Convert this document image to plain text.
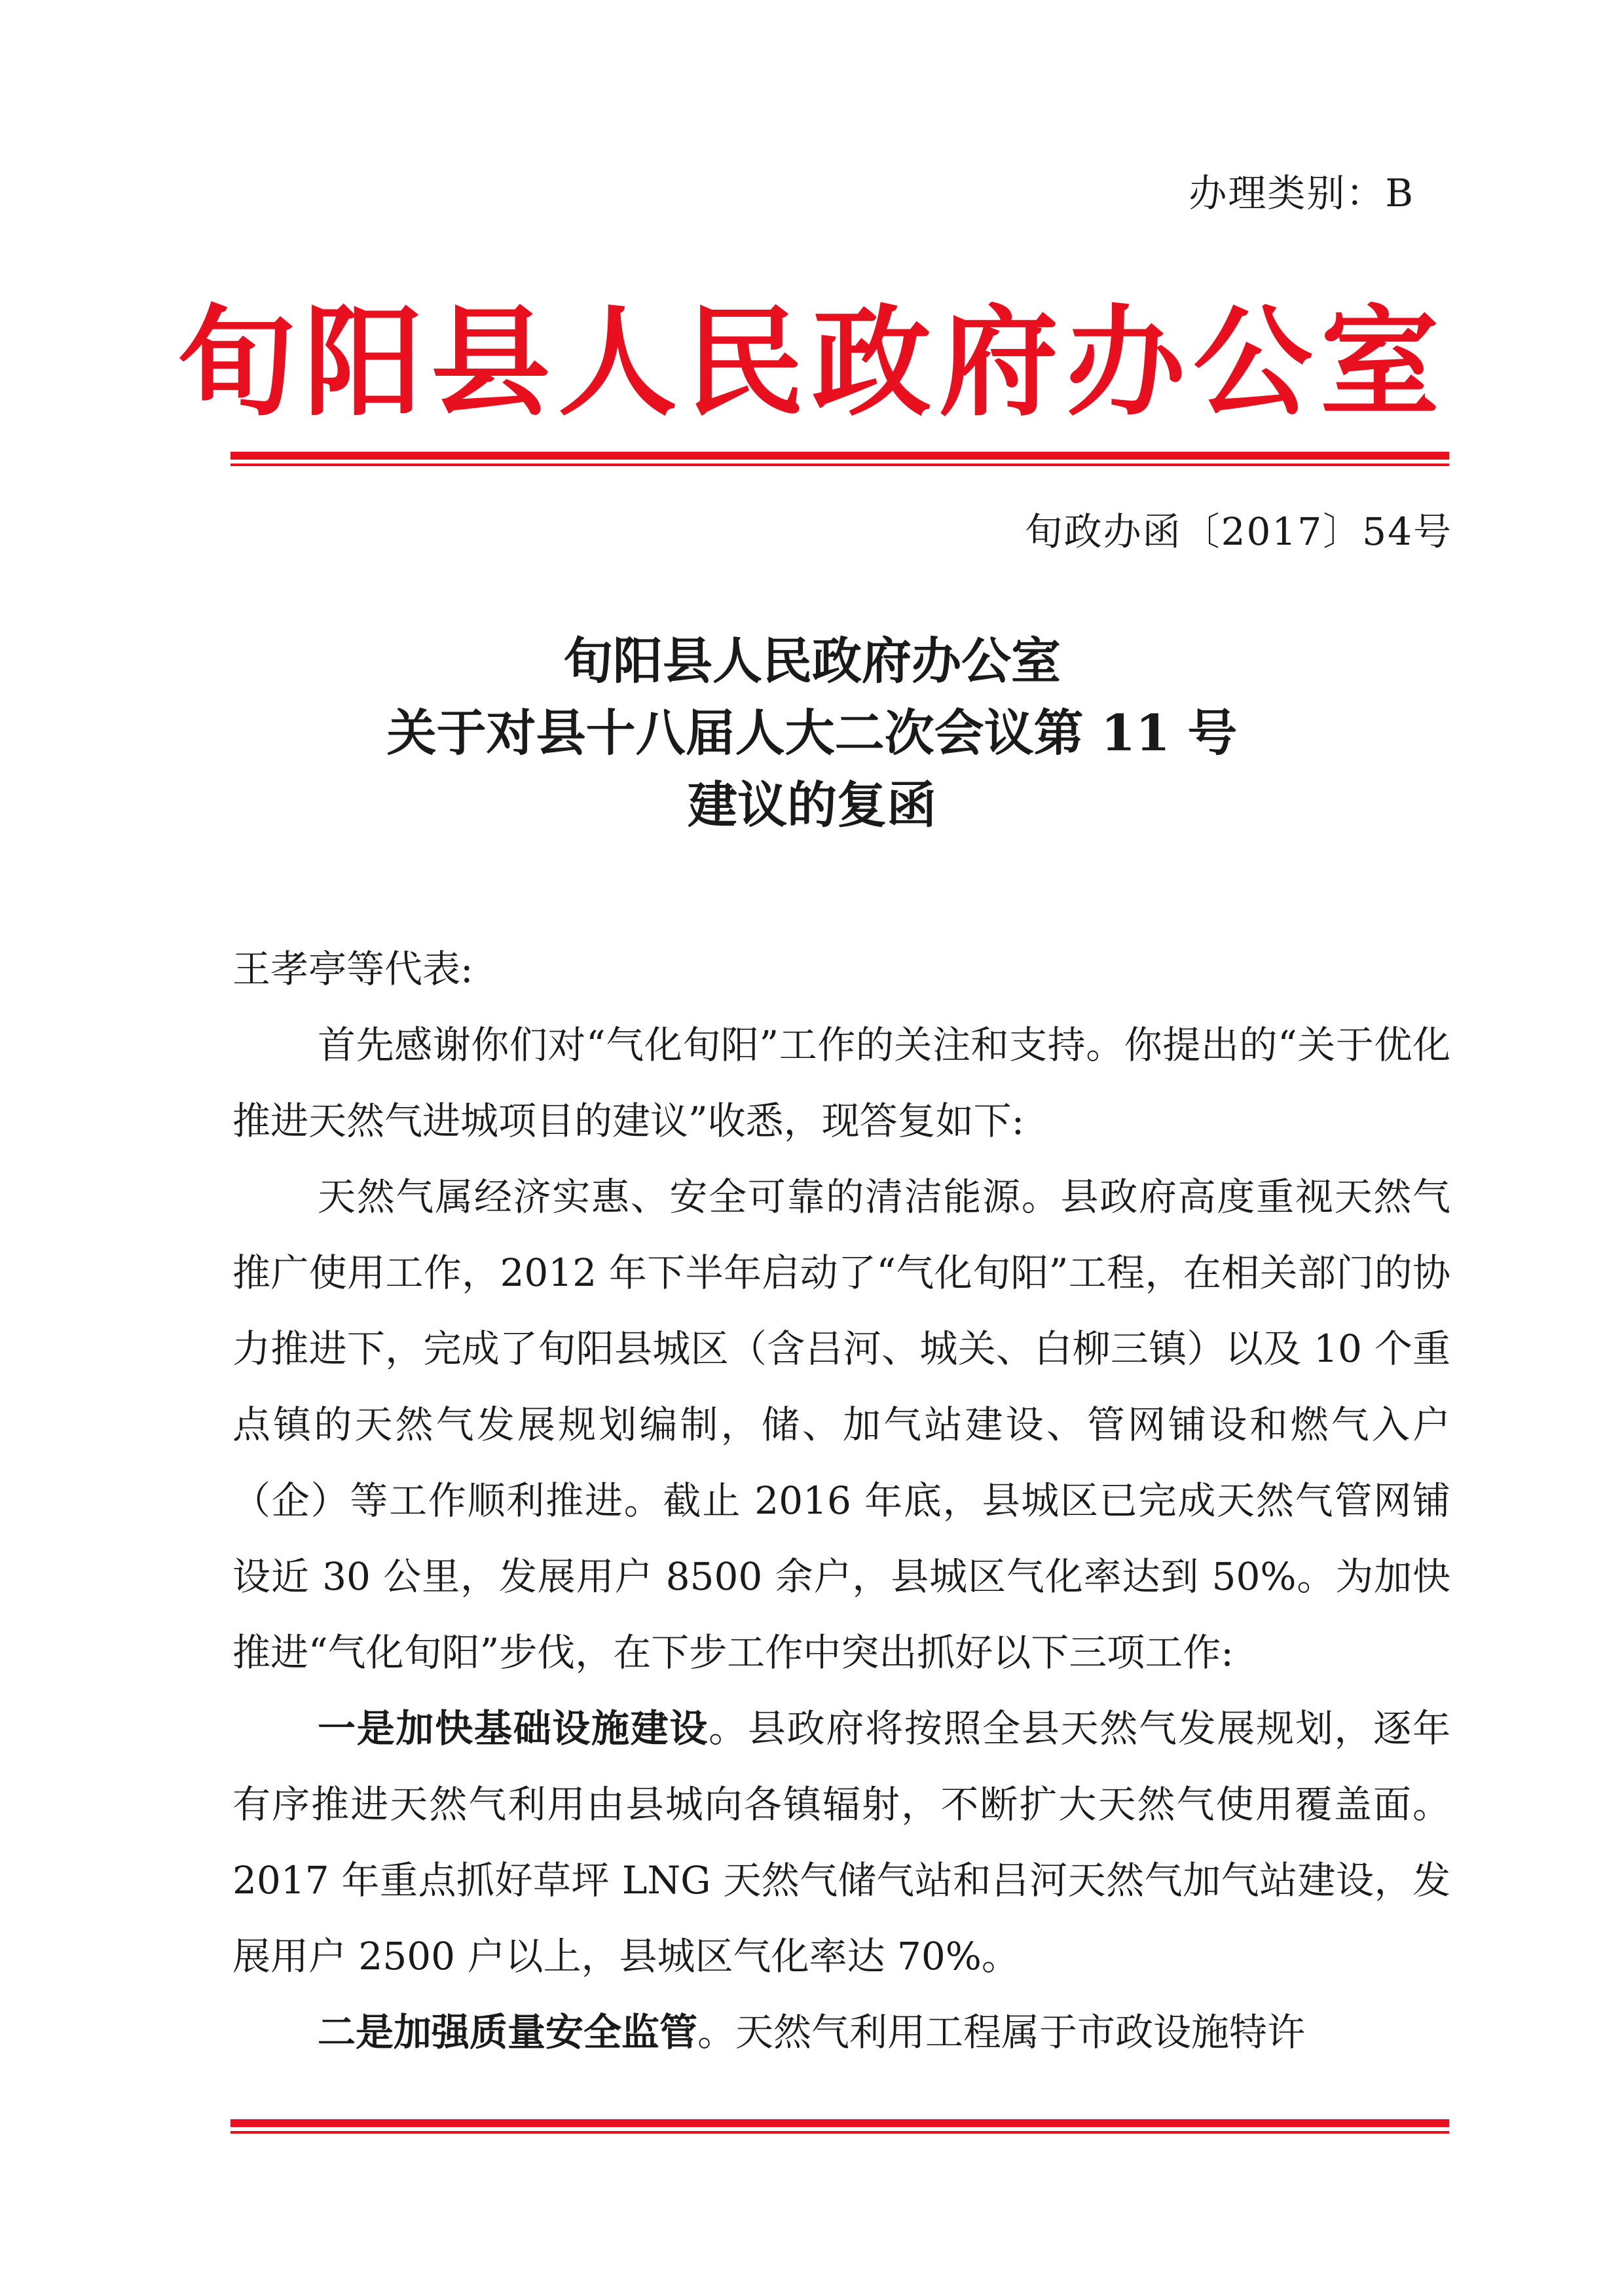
办理类别：B
旬阳县人民政府办公室
旬政办函〔2017〕54号
旬阳县人民政府办公室
关于对县十八届人大二次会议第 11 号
建议的复函

王孝亭等代表:

首先感谢你们对“气化旬阳”工作的关注和支持。你提出的“关于优化推进天然气进城项目的建议”收悉，现答复如下:

天然气属经济实惠、安全可靠的清洁能源。县政府高度重视天然气推广使用工作，2012 年下半年启动了“气化旬阳”工程，在相关部门的协力推进下，完成了旬阳县城区（含吕河、城关、白柳三镇）以及 10 个重点镇的天然气发展规划编制，储、加气站建设、管网铺设和燃气入户（企）等工作顺利推进。截止 2016 年底，县城区已完成天然气管网铺设近 30 公里，发展用户 8500 余户，县城区气化率达到 50%。为加快推进“气化旬阳”步伐，在下步工作中突出抓好以下三项工作:

一是加快基础设施建设。县政府将按照全县天然气发展规划，逐年有序推进天然气利用由县城向各镇辐射，不断扩大天然气使用覆盖面。2017 年重点抓好草坪 LNG 天然气储气站和吕河天然气加气站建设，发展用户 2500 户以上，县城区气化率达 70%。

二是加强质量安全监管。天然气利用工程属于市政设施特许
